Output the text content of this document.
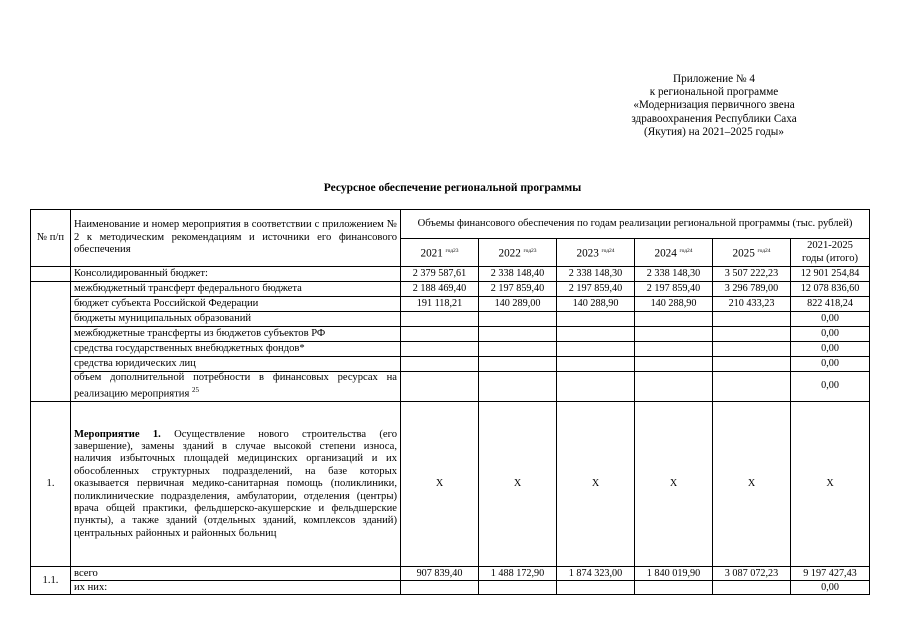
Приложение № 4
к региональной программе
«Модернизация первичного звена
здравоохранения Республики Саха
(Якутия) на 2021–2025 годы»
Ресурсное обеспечение региональной программы
№ п/п	Наименование и номер мероприятия в соответствии с приложением № 2 к методическим рекомендациям и источники его финансового обеспечения	Объемы финансового обеспечения по годам реализации региональной программы (тыс. рублей)					
		2021 $^{год23}$	2022 $^{год23}$	2023 $^{год24}$	2024 $^{год24}$	2025 $^{год24}$	2021-2025
годы (итого)

	Консолидированный бюджет:	2 379 587,61	2 338 148,40	2 338 148,30	2 338 148,30	3 507 222,23	12 901 254,84
	межбюджетный трансферт федерального бюджета	2 188 469,40	2 197 859,40	2 197 859,40	2 197 859,40	3 296 789,00	12 078 836,60
	бюджет субъекта Российской Федерации	191 118,21	140 289,00	140 288,90	140 288,90	210 433,23	822 418,24
	бюджеты муниципальных образований						0,00
	межбюджетные трансферты из бюджетов субъектов РФ						0,00
	средства государственных внебюджетных фондов*						0,00
	средства юридических лиц						0,00
	объем дополнительной потребности в финансовых ресурсах на реализацию мероприятия $^{25}$						0,00
1.	Мероприятие 1. Осуществление нового строительства (его завершение), замены зданий в случае высокой степени износа, наличия избыточных площадей медицинских организаций и их обособленных структурных подразделений, на базе которых оказывается первичная медико-санитарная помощь (поликлиники, поликлинические подразделения, амбулатории, отделения (центры) врача общей практики, фельдшерско-акушерские и фельдшерские пункты), а также зданий (отдельных зданий, комплексов зданий) центральных районных и районных больниц	X	X	X	X	X	X
1.1.	всего	907 839,40	1 488 172,90	1 874 323,00	1 840 019,90	3 087 072,23	9 197 427,43
	их них:						0,00
